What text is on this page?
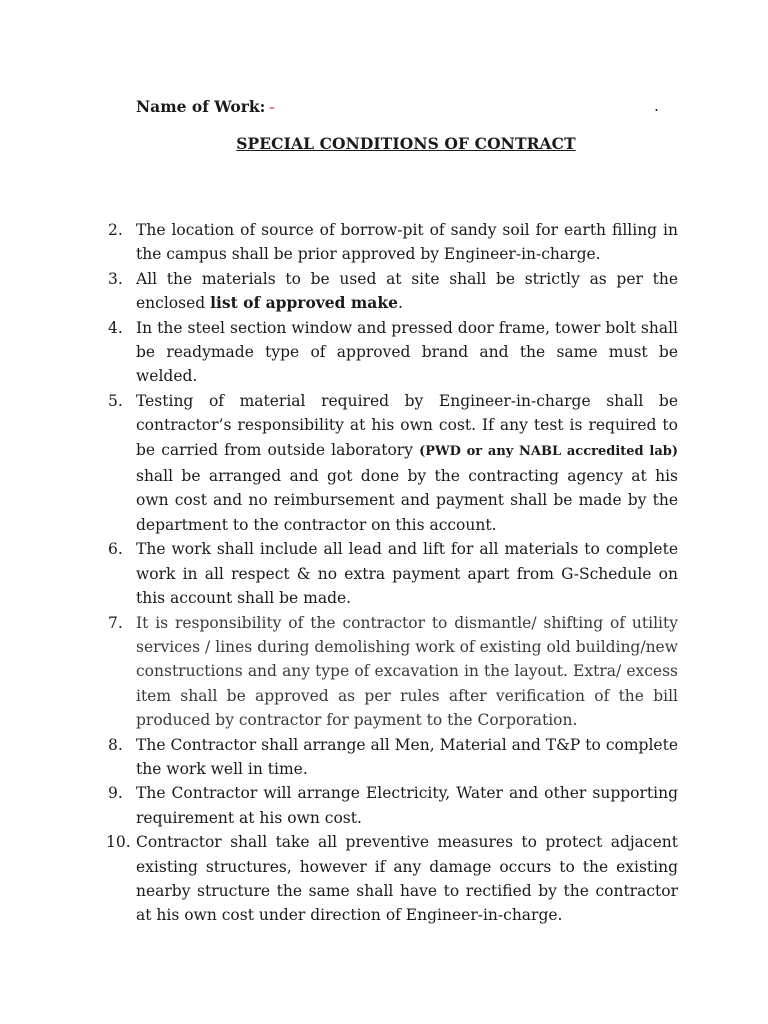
Name of Work: -	.
SPECIAL CONDITIONS OF CONTRACT
2. The location of source of borrow-pit of sandy soil for earth filling in the campus shall be prior approved by Engineer-in-charge.
3. All the materials to be used at site shall be strictly as per the enclosed list of approved make.
4. In the steel section window and pressed door frame, tower bolt shall be readymade type of approved brand and the same must be welded.
5. Testing of material required by Engineer-in-charge shall be contractor’s responsibility at his own cost. If any test is required to be carried from outside laboratory (PWD or any NABL accredited lab) shall be arranged and got done by the contracting agency at his own cost and no reimbursement and payment shall be made by the department to the contractor on this account.
6. The work shall include all lead and lift for all materials to complete work in all respect & no extra payment apart from G-Schedule on this account shall be made.
7. It is responsibility of the contractor to dismantle/ shifting of utility services / lines during demolishing work of existing old building/new constructions and any type of excavation in the layout. Extra/ excess item shall be approved as per rules after verification of the bill produced by contractor for payment to the Corporation.
8. The Contractor shall arrange all Men, Material and T&P to complete the work well in time.
9. The Contractor will arrange Electricity, Water and other supporting requirement at his own cost.
10. Contractor shall take all preventive measures to protect adjacent existing structures, however if any damage occurs to the existing nearby structure the same shall have to rectified by the contractor at his own cost under direction of Engineer-in-charge.
